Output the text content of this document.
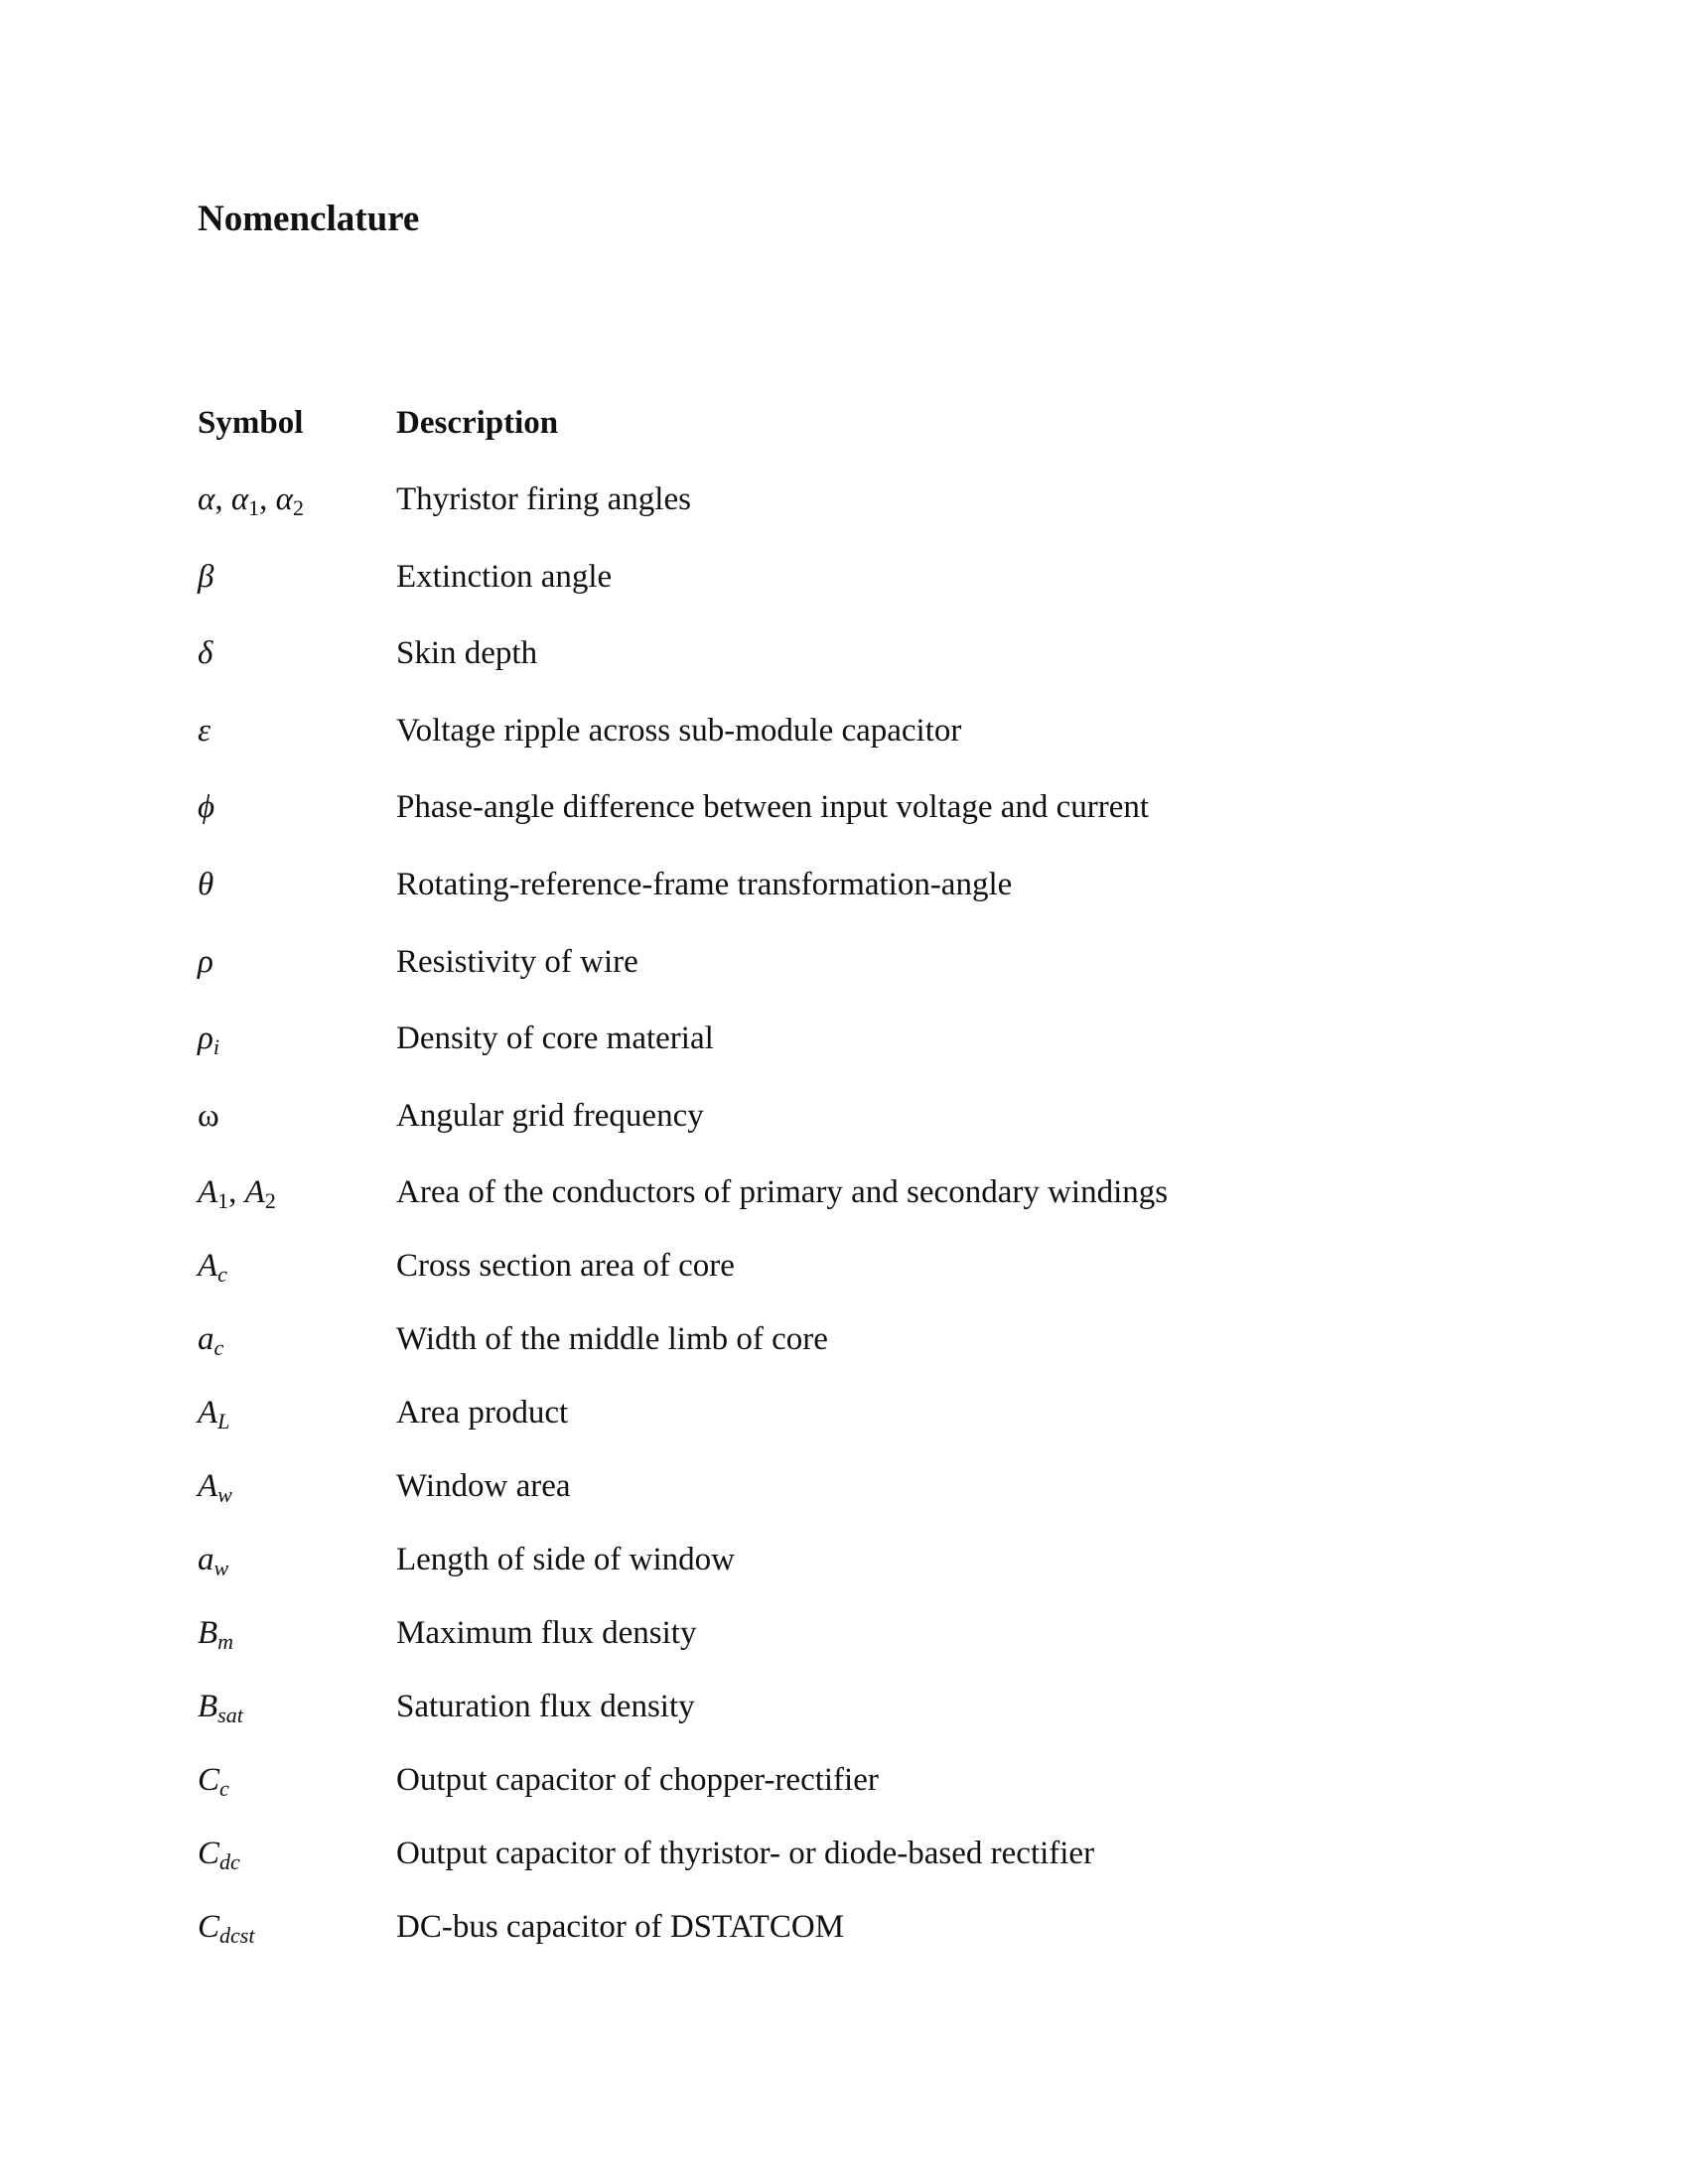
Nomenclature
Symbol	Description
α, α1, α2	Thyristor firing angles
β	Extinction angle
δ	Skin depth
ε	Voltage ripple across sub-module capacitor
ϕ	Phase-angle difference between input voltage and current
θ	Rotating-reference-frame transformation-angle
ρ	Resistivity of wire
ρi	Density of core material
ω	Angular grid frequency
A1, A2	Area of the conductors of primary and secondary windings
Ac	Cross section area of core
ac	Width of the middle limb of core
AL	Area product
Aw	Window area
aw	Length of side of window
Bm	Maximum flux density
Bsat	Saturation flux density
Cc	Output capacitor of chopper-rectifier
Cdc	Output capacitor of thyristor- or diode-based rectifier
Cdcst	DC-bus capacitor of DSTATCOM
